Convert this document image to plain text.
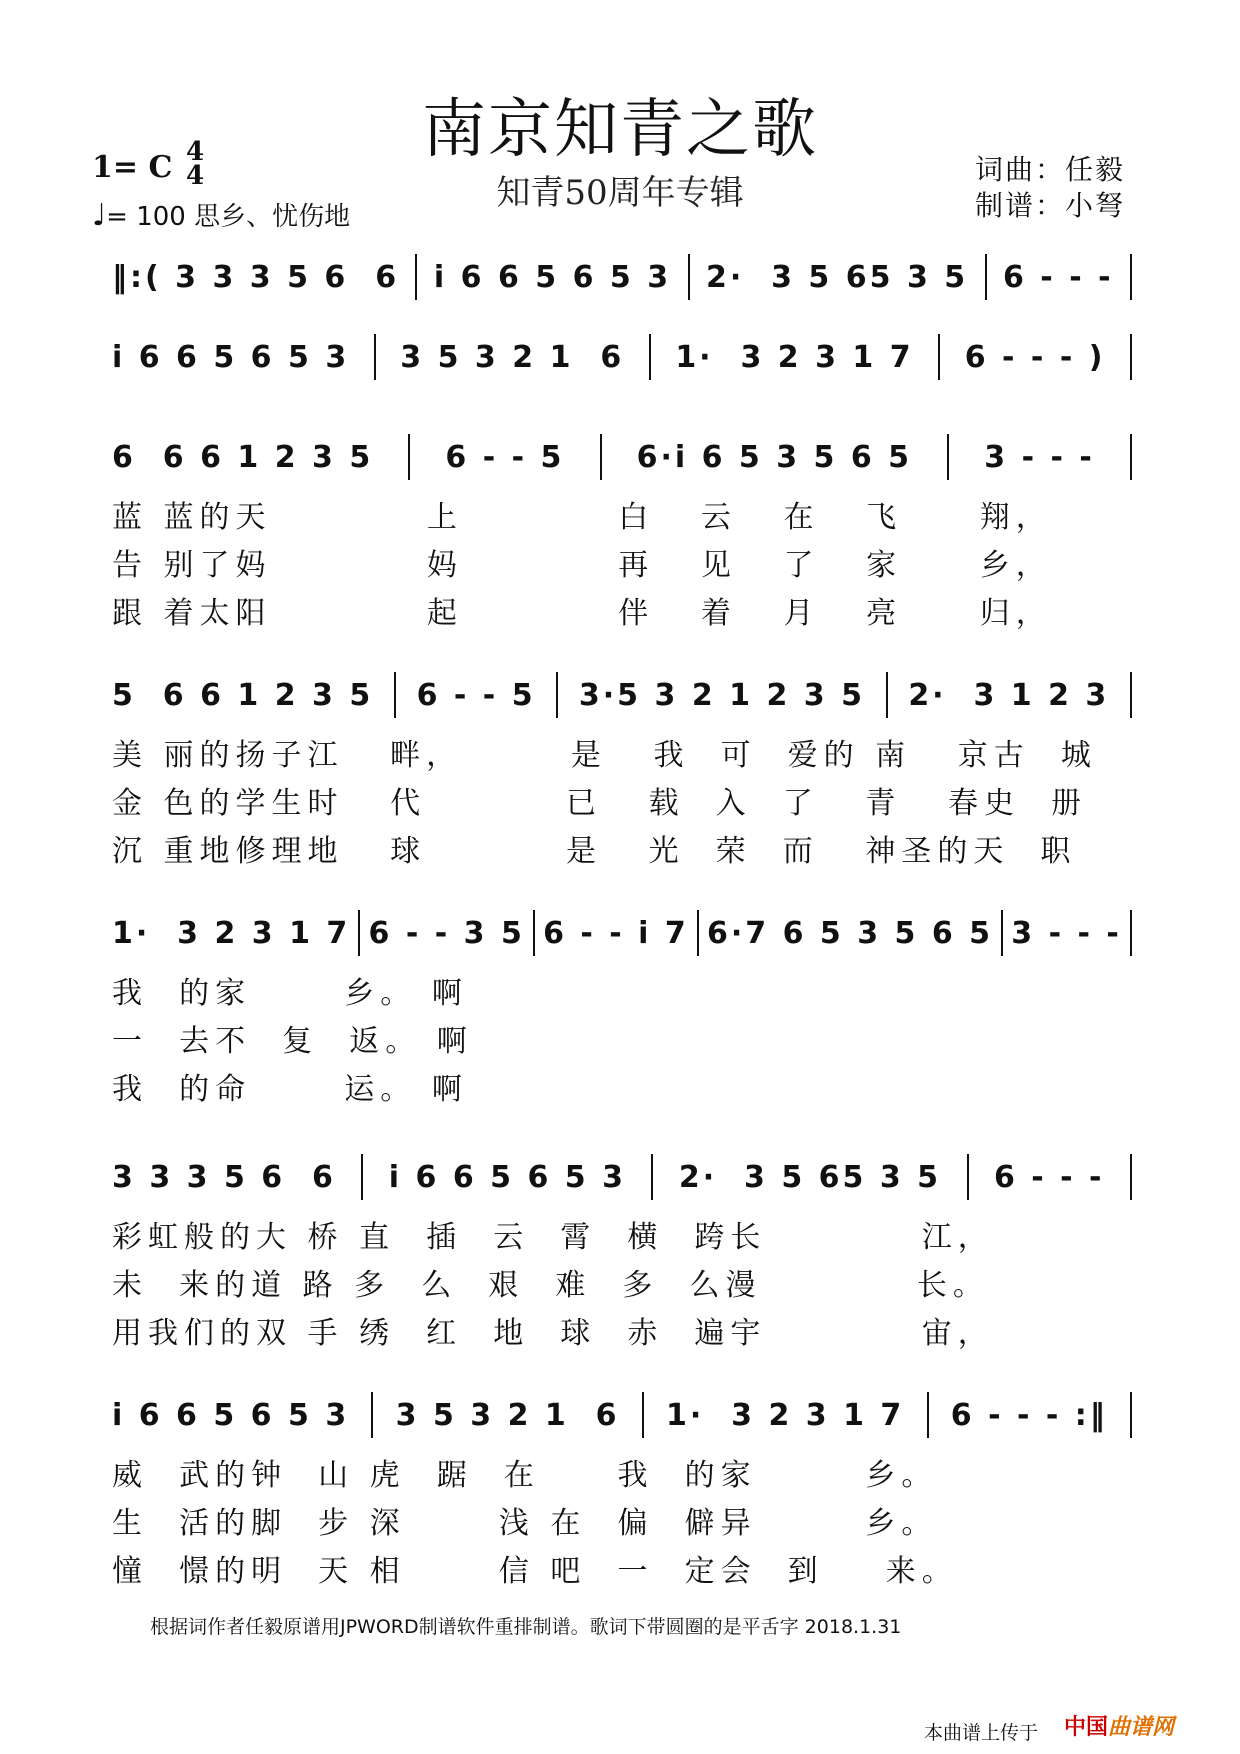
南京知青之歌
知青50周年专辑
1= C 4
4
♩= 100 思乡、忧伤地
词曲：任毅
制谱：小弩
‖:( 3 3 3 5 6  6 i 6 6 5 6 5 3 2·  3 5 65 3 5 6 - - -
i 6 6 5 6 5 3 3 5 3 2 1  6 1·  3 2 3 1 7 6 - - - )
6  6 6 1 2 3 5 6 - - 5 6·i 6 5 3 5 6 5 3 - - -
蓝 蓝的天          上          白   云   在   飞     翔，
告 别了妈          妈          再   见   了   家     乡，
跟 着太阳          起          伴   着   月   亮     归，
5  6 6 1 2 3 5 6 - - 5 3·5 3 2 1 2 3 5 2·  3 1 2 3
美 丽的扬子江   畔，       是   我  可  爱的 南   京古  城
金 色的学生时   代         已   载  入  了   青   春史  册
沉 重地修理地   球         是   光  荣  而   神圣的天  职
1·  3 2 3 1 7 6 - - 3 5 6 - - i 7 6·7 6 5 3 5 6 5 3 - - -
我  的家      乡。 啊
一  去不  复  返。 啊
我  的命      运。 啊
3 3 3 5 6  6 i 6 6 5 6 5 3 2·  3 5 65 3 5 6 - - -
彩虹般的大 桥 直  插  云  霄  横  跨长          江，
未  来的道 路 多  么  艰  难  多  么漫          长。
用我们的双 手 绣  红  地  球  赤  遍宇          宙，
i 6 6 5 6 5 3 3 5 3 2 1  6 1·  3 2 3 1 7 6 - - - :‖
威  武的钟  山 虎  踞  在     我  的家       乡。
生  活的脚  步 深      浅 在  偏  僻异       乡。
憧  憬的明  天 相      信 吧  一  定会  到    来。
根据词作者任毅原谱用JPWORD制谱软件重排制谱。歌词下带圆圈的是平舌字 2018.1.31
本曲谱上传于 中国曲谱网
